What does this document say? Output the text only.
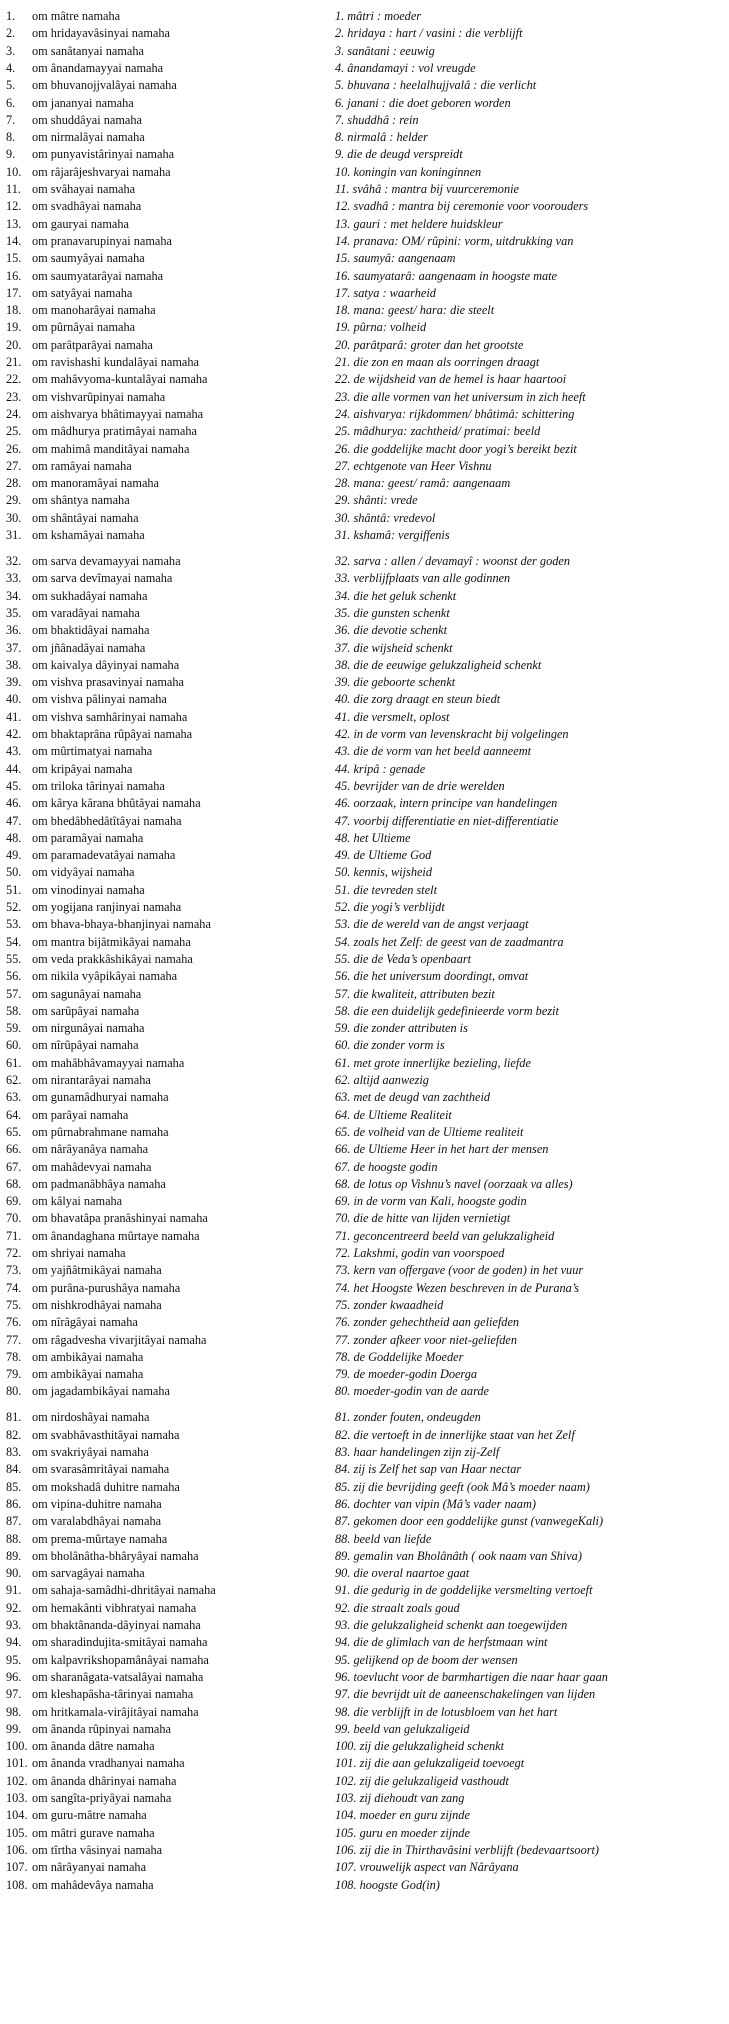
1.	om mâtre namaha	1. mâtri : moeder
2.	om hridayavâsinyai namaha	2. hridaya : hart / vasini : die verblijft
3.	om sanâtanyai namaha	3. sanâtani : eeuwig
4.	om ânandamayyai namaha	4. ânandamayi : vol vreugde
5.	om bhuvanojjvalâyai namaha	5. bhuvana : heelalhujjvalâ : die verlicht
6.	om jananyai namaha	6. janani : die doet geboren worden
7.	om shuddâyai namaha	7. shuddhâ : rein
8.	om nirmalâyai namaha	8. nirmalâ : helder
9.	om punyavistârinyai namaha	9. die de deugd verspreidt
10. om râjarâjeshvaryai namaha	10. koningin van koninginnen
11. om svâhayai namaha	11. svâhâ : mantra bij vuurceremonie
12. om svadhâyai namaha	12. svadhâ : mantra bij ceremonie voor voorouders
13. om gauryai namaha	13. gauri : met heldere huidskleur
14. om pranavarupinyai namaha	14. pranava: OM/ rûpini: vorm, uitdrukking van
15. om saumyâyai namaha	15. saumyâ: aangenaam
16. om saumyatarâyai namaha	16. saumyatarâ: aangenaam in hoogste mate
17. om satyâyai namaha	17. satya : waarheid
18. om manoharâyai namaha	18. mana: geest/ hara: die steelt
19. om pûrnâyai namaha	19. pûrna: volheid
20. om parâtparâyai namaha	20. parâtparâ: groter dan het grootste
21. om ravishashi kundalâyai namaha	21. die zon en maan als oorringen draagt
22. om mahâvyoma-kuntalâyai namaha	22. de wijdsheid van de hemel is haar haartooi
23. om vishvarûpinyai namaha	23. die alle vormen van het universum in zich heeft
24. om aishvarya bhâtimayyai namaha	24. aishvarya: rijkdommen/ bhâtimâ: schittering
25. om mâdhurya pratimâyai namaha	25. mâdhurya: zachtheid/ pratimai: beeld
26. om mahimâ manditâyai namaha	26. die goddelijke macht door yogi’s bereikt bezit
27. om ramâyai namaha	27. echtgenote van Heer Vishnu
28. om manoramâyai namaha	28. mana: geest/ ramâ: aangenaam
29. om shântya namaha	29. shânti: vrede
30. om shântâyai namaha	30. shântâ: vredevol
31. om kshamâyai namaha	31. kshamâ: vergiffenis
32. om sarva devamayyai namaha	32. sarva : allen / devamayî : woonst der goden
33. om sarva devîmayai namaha	33. verblijfplaats van alle godinnen
34. om sukhadâyai namaha	34. die het geluk schenkt
35. om varadâyai namaha	35. die gunsten schenkt
36. om bhaktidâyai namaha	36. die devotie schenkt
37. om jñânadâyai namaha	37. die wijsheid schenkt
38. om kaivalya dâyinyai namaha	38. die de eeuwige gelukzaligheid schenkt
39. om vishva prasavinyai namaha	39. die geboorte schenkt
40. om vishva pâlinyai namaha	40. die zorg draagt en steun biedt
41. om vishva samhârinyai namaha	41. die versmelt, oplost
42. om bhaktaprâna rûpâyai namaha	42. in de vorm van levenskracht bij volgelingen
43. om mûrtimatyai namaha	43. die de vorm van het beeld aanneemt
44. om kripâyai namaha	44. kripâ : genade
45. om triloka târinyai namaha	45. bevrijder van de drie werelden
46. om kârya kârana bhûtâyai namaha	46. oorzaak, intern principe van handelingen
47. om bhedâbhedâtîtâyai namaha	47. voorbij differentiatie en niet-differentiatie
48. om paramâyai namaha	48. het Ultieme
49. om paramadevatâyai namaha	49. de Ultieme God
50. om vidyâyai namaha	50. kennis, wijsheid
51. om vinodinyai namaha	51. die tevreden stelt
52. om yogijana ranjinyai namaha	52. die yogi’s verblijdt
53. om bhava-bhaya-bhanjinyai namaha	53. die de wereld van de angst verjaagt
54. om mantra bijâtmikâyai namaha	54. zoals het Zelf: de geest van de zaadmantra
55. om veda prakkâshikâyai namaha	55. die de Veda’s openbaart
56. om nikila vyâpikâyai namaha	56. die het universum doordingt, omvat
57. om sagunâyai namaha	57. die kwaliteit, attributen bezit
58. om sarûpâyai namaha	58. die een duidelijk gedefinieerde vorm bezit
59. om nirgunâyai namaha	59. die zonder attributen is
60. om nîrûpâyai namaha	60. die zonder vorm is
61. om mahâbhâvamayyai namaha	61. met grote innerlijke bezieling, liefde
62. om nirantarâyai namaha	62. altijd aanwezig
63. om gunamâdhuryai namaha	63. met de deugd van zachtheid
64. om parâyai namaha	64. de Ultieme Realiteit
65. om pûrnabrahmane namaha	65. de volheid van de Ultieme realiteit
66. om nârâyanâya namaha	66. de Ultieme Heer in het hart der mensen
67. om mahâdevyai namaha	67. de hoogste godin
68. om padmanâbhâya namaha	68. de lotus op Vishnu’s navel (oorzaak va alles)
69. om kâlyai namaha	69. in de vorm van Kali, hoogste godin
70. om bhavatâpa pranâshinyai namaha	70. die de hitte van lijden vernietigt
71. om ânandaghana mûrtaye namaha	71. geconcentreerd beeld van gelukzaligheid
72. om shriyai namaha	72. Lakshmi, godin van voorspoed
73. om yajñâtmikâyai namaha	73. kern van offergave (voor de goden) in het vuur
74. om purâna-purushâya namaha	74. het Hoogste Wezen beschreven in de Purana’s
75. om nishkrodhâyai namaha	75. zonder kwaadheid
76. om nîrâgâyai namaha	76. zonder gehechtheid aan geliefden
77. om râgadvesha vivarjitâyai namaha	77. zonder afkeer voor niet-geliefden
78. om ambikâyai namaha	78. de Goddelijke Moeder
79. om ambikâyai namaha	79. de moeder-godin Doerga
80. om jagadambikâyai namaha	80. moeder-godin van de aarde
81. om nirdoshâyai namaha	81. zonder fouten, ondeugden
82. om svabhâvasthitâyai namaha	82. die vertoeft in de innerlijke staat van het Zelf
83. om svakriyâyai namaha	83. haar handelingen zijn zij-Zelf
84. om svarasâmritâyai namaha	84. zij is Zelf het sap van Haar nectar
85. om mokshadâ duhitre namaha	85. zij die bevrijding geeft (ook Mâ’s moeder naam)
86. om vipina-duhitre namaha	86. dochter van vipin (Mâ’s vader naam)
87. om varalabdhâyai namaha	87. gekomen door een goddelijke gunst (vanwegeKali)
88. om prema-mûrtaye namaha	88. beeld van liefde
89. om bholânâtha-bhâryâyai namaha	89. gemalin van Bholânâth ( ook naam van Shiva)
90. om sarvagâyai namaha	90. die overal naartoe gaat
91. om sahaja-samâdhi-dhritâyai namaha	91. die gedurig in de goddelijke versmelting vertoeft
92. om hemakânti vibhratyai namaha	92. die straalt zoals goud
93. om bhaktânanda-dâyinyai namaha	93. die gelukzaligheid schenkt aan toegewijden
94. om sharadindujita-smitâyai namaha	94. die de glimlach van de herfstmaan wint
95. om kalpavrikshopamânâyai namaha	95. gelijkend op de boom der wensen
96. om sharanâgata-vatsalâyai namaha	96. toevlucht voor de barmhartigen die naar haar gaan
97. om kleshapâsha-târinyai namaha	97. die bevrijdt uit de aaneenschakelingen van lijden
98. om hritkamala-virâjitâyai namaha	98. die verblijft in de lotusbloem van het hart
99. om ânanda rûpinyai namaha	99. beeld van gelukzaligeid
100. om ânanda dâtre namaha	100. zij die gelukzaligheid schenkt
101. om ânanda vradhanyai namaha	101. zij die aan gelukzaligeid toevoegt
102. om ânanda dhârinyai namaha	102. zij die gelukzaligeid vasthoudt
103. om sangîta-priyâyai namaha	103. zij diehoudt van zang
104. om guru-mâtre namaha	104. moeder en guru zijnde
105. om mâtri gurave namaha	105. guru en moeder zijnde
106. om tîrtha vâsinyai namaha	106. zij die in Thirthavâsini verblijft (bedevaartsoort)
107. om nârâyanyai namaha	107. vrouwelijk aspect van Nârâyana
108. om mahâdevâya namaha	108. hoogste God(in)
